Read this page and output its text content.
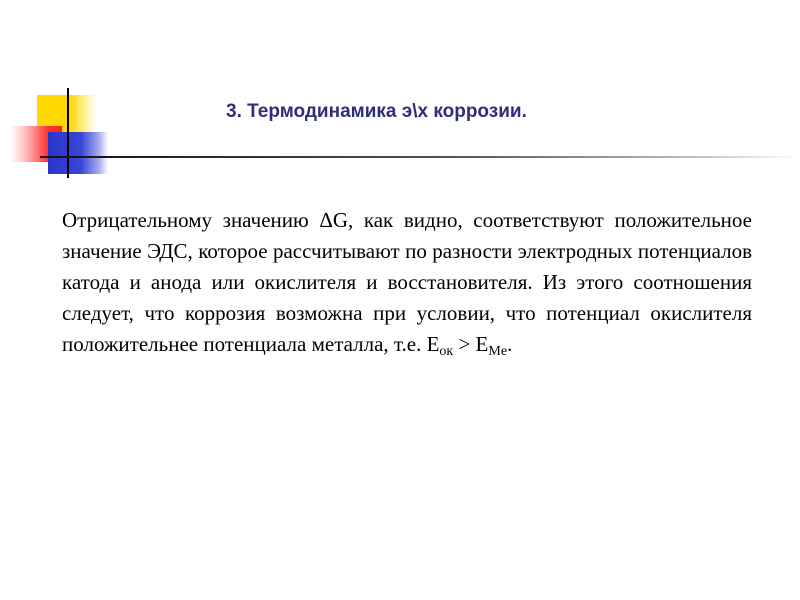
3. Термодинамика э\х коррозии.

Отрицательному значению ΔG, как видно, соответствуют положительное значение ЭДС, которое рассчитывают по разности электродных потенциалов катода и анода или окислителя и восстановителя. Из этого соотношения следует, что коррозия возможна при условии, что потенциал окислителя положительнее потенциала металла, т.е. $E_{ок} > E_{Me}$.
